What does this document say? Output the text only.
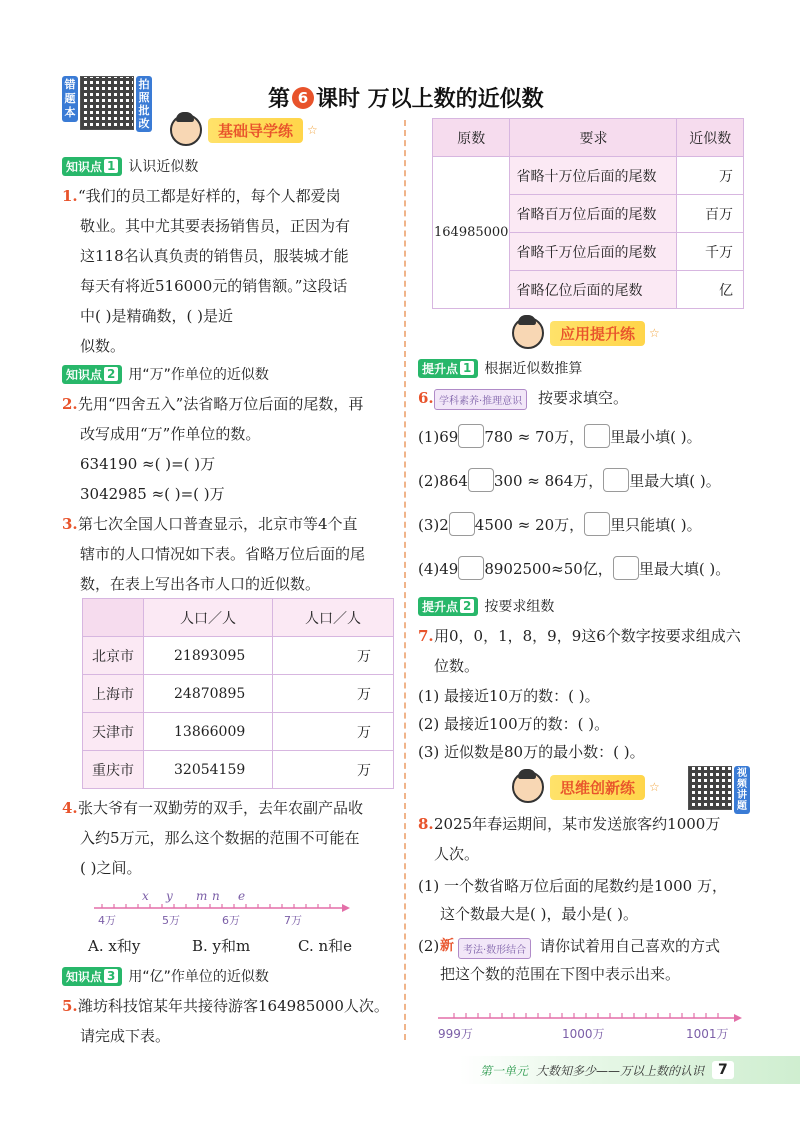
错题本
拍照批改
第 6 课时 万以上数的近似数
基础导学练	☆
知识点 1 认识近似数
1. “我们的员工都是好样的，每个人都爱岗
敬业。其中尤其要表扬销售员，正因为有
这118名认真负责的销售员，服装城才能
每天有将近516000元的销售额。”这段话
中( )是精确数，( )是近
似数。
知识点 2 用“万”作单位的近似数
2. 先用“四舍五入”法省略万位后面的尾数，再
改写成用“万”作单位的数。
634190 ≈( )=( )万
3042985 ≈( )=( )万
3. 第七次全国人口普查显示，北京市等4个直
辖市的人口情况如下表。省略万位后面的尾
数，在表上写出各市人口的近似数。
	人口／人	人口／人
北京市	21893095	万
上海市	24870895	万
天津市	13866009	万
重庆市	32054159	万
4. 张大爷有一双勤劳的双手，去年农副产品收
入约5万元，那么这个数据的范围不可能在
( )之间。
x y m n e
4万	5万	6万	7万
A. x和y	B. y和m	C. n和e
知识点 3 用“亿”作单位的近似数
5. 潍坊科技馆某年共接待游客164985000人次。
请完成下表。
原数	要求	近似数
164985000	省略十万位后面的尾数	万
	省略百万位后面的尾数	百万
	省略千万位后面的尾数	千万
	省略亿位后面的尾数	亿
应用提升练	☆
提升点 1 根据近似数推算
6. 学科素养·推理意识	按要求填空。
(1)69 780 ≈ 70万， 里最小填( )。
(2)864 300 ≈ 864万， 里最大填( )。
(3)2 4500 ≈ 20万， 里只能填( )。
(4)49 8902500≈50亿， 里最大填( )。
提升点 2 按要求组数
7. 用0，0，1，8，9，9这6个数字按要求组成六
位数。
(1) 最接近10万的数：( )。
(2) 最接近100万的数：( )。
(3) 近似数是80万的最小数：( )。
思维创新练	☆
视频讲题
8. 2025年春运期间，某市发送旅客约1000万
人次。
(1) 一个数省略万位后面的尾数约是1000 万，
这个数最大是( )，最小是( )。
(2) 新 考法·数形结合 请你试着用自己喜欢的方式
把这个数的范围在下图中表示出来。
999万	1000万	1001万
第一单元 大数知多少——万以上数的认识	7
